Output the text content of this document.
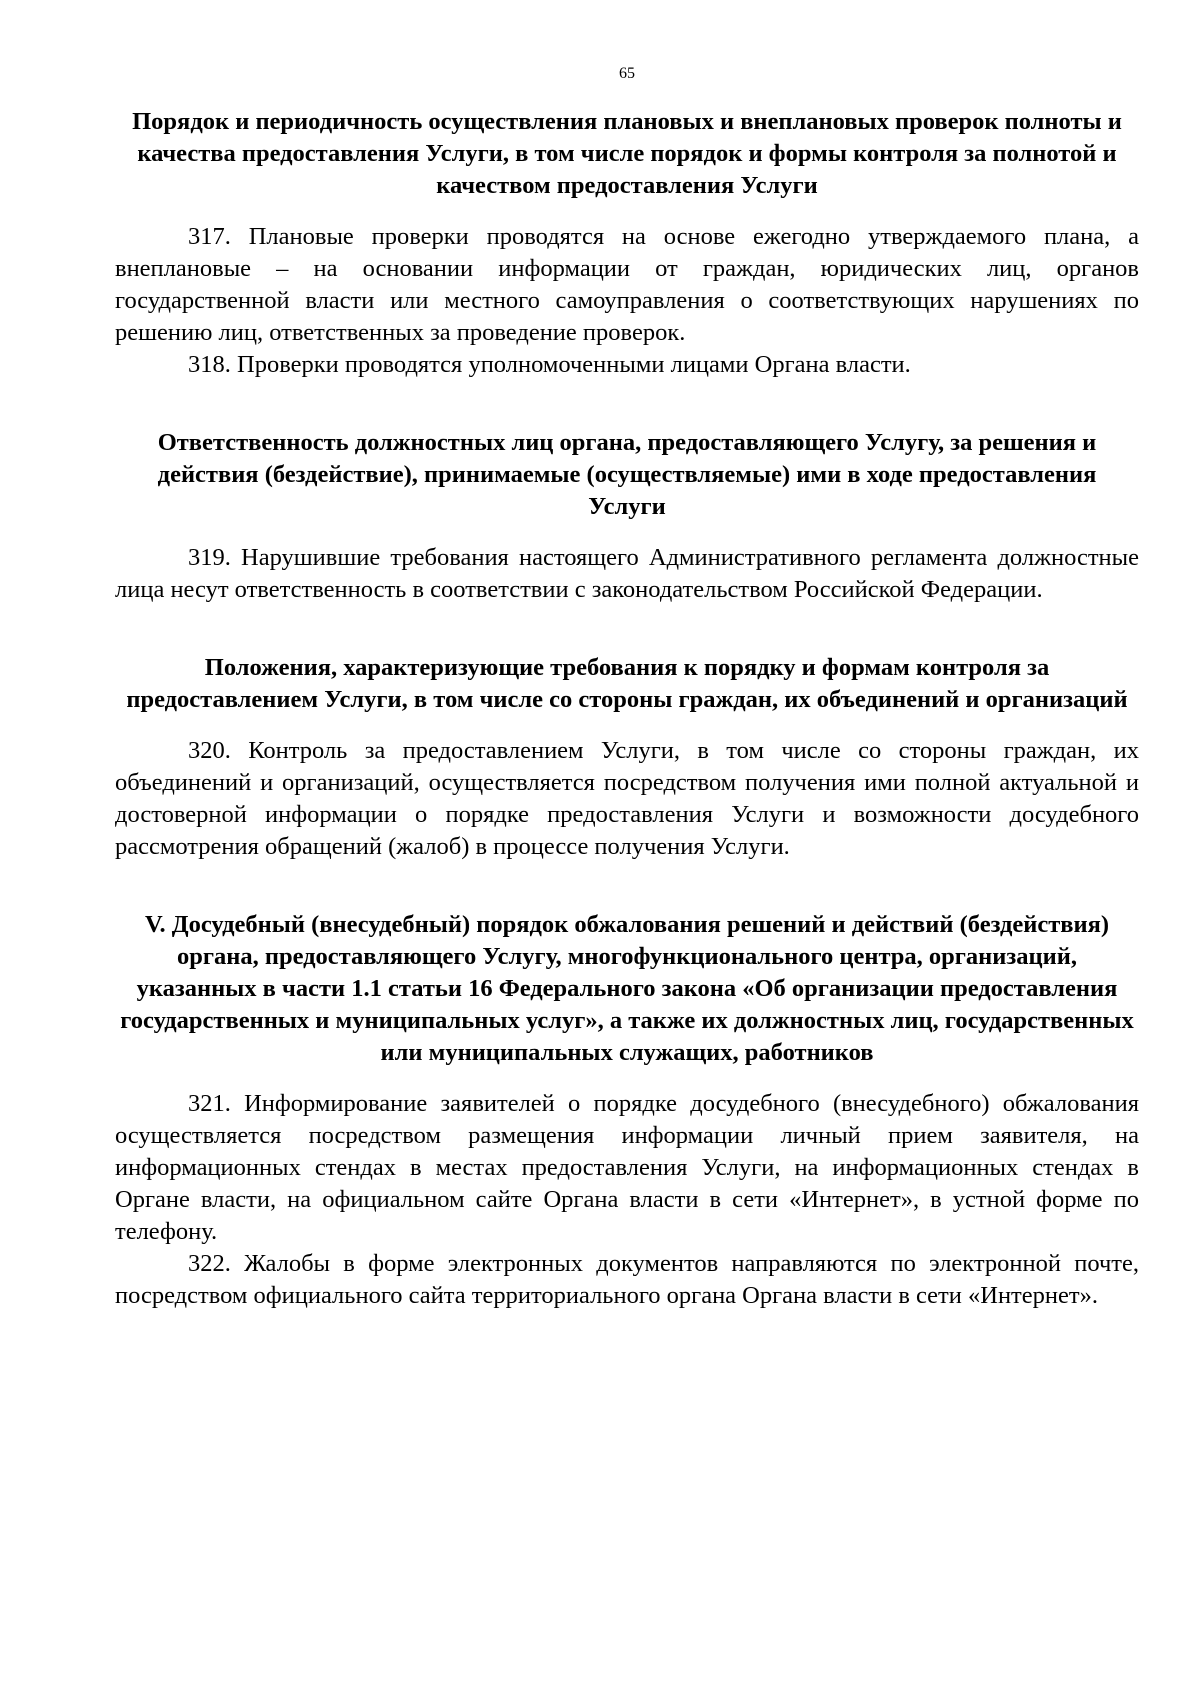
65
Порядок и периодичность осуществления плановых и внеплановых проверок полноты и качества предоставления Услуги, в том числе порядок и формы контроля за полнотой и качеством предоставления Услуги

317. Плановые проверки проводятся на основе ежегодно утверждаемого плана, а внеплановые – на основании информации от граждан, юридических лиц, органов государственной власти или местного самоуправления о соответствующих нарушениях по решению лиц, ответственных за проведение проверок.

318. Проверки проводятся уполномоченными лицами Органа власти.

Ответственность должностных лиц органа, предоставляющего Услугу, за решения и действия (бездействие), принимаемые (осуществляемые) ими в ходе предоставления Услуги

319. Нарушившие требования настоящего Административного регламента должностные лица несут ответственность в соответствии с законодательством Российской Федерации.

Положения, характеризующие требования к порядку и формам контроля за предоставлением Услуги, в том числе со стороны граждан, их объединений и организаций

320. Контроль за предоставлением Услуги, в том числе со стороны граждан, их объединений и организаций, осуществляется посредством получения ими полной актуальной и достоверной информации о порядке предоставления Услуги и возможности досудебного рассмотрения обращений (жалоб) в процессе получения Услуги.

V. Досудебный (внесудебный) порядок обжалования решений и действий (бездействия) органа, предоставляющего Услугу, многофункционального центра, организаций, указанных в части 1.1 статьи 16 Федерального закона «Об организации предоставления государственных и муниципальных услуг», а также их должностных лиц, государственных или муниципальных служащих, работников

321. Информирование заявителей о порядке досудебного (внесудебного) обжалования осуществляется посредством размещения информации личный прием заявителя, на информационных стендах в местах предоставления Услуги, на информационных стендах в Органе власти, на официальном сайте Органа власти в сети «Интернет», в устной форме по телефону.

322. Жалобы в форме электронных документов направляются по электронной почте, посредством официального сайта территориального органа Органа власти в сети «Интернет».
